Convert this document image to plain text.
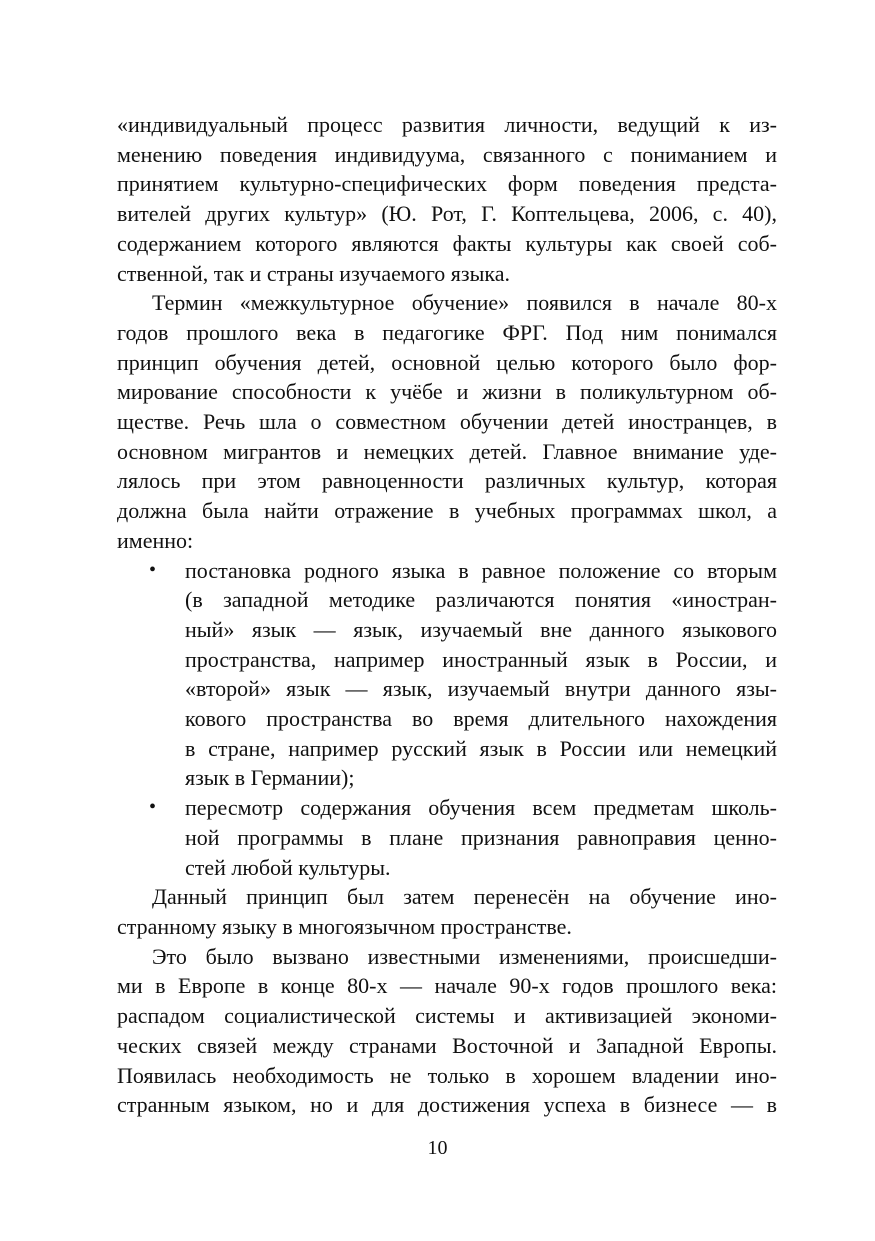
«индивидуальный процесс развития личности, ведущий к из-
менению поведения индивидуума, связанного с пониманием и
принятием культурно-специфических форм поведения предста-
вителей других культур» (Ю. Рот, Г. Коптельцева, 2006, с. 40),
содержанием которого являются факты культуры как своей соб-
ственной, так и страны изучаемого языка.
Термин «межкультурное обучение» появился в начале 80-х
годов прошлого века в педагогике ФРГ. Под ним понимался
принцип обучения детей, основной целью которого было фор-
мирование способности к учёбе и жизни в поликультурном об-
ществе. Речь шла о совместном обучении детей иностранцев, в
основном мигрантов и немецких детей. Главное внимание уде-
лялось при этом равноценности различных культур, которая
должна была найти отражение в учебных программах школ, а
именно:
• постановка родного языка в равное положение со вторым
(в западной методике различаются понятия «иностран-
ный» язык — язык, изучаемый вне данного языкового
пространства, например иностранный язык в России, и
«второй» язык — язык, изучаемый внутри данного язы-
кового пространства во время длительного нахождения
в стране, например русский язык в России или немецкий
язык в Германии);
• пересмотр содержания обучения всем предметам школь-
ной программы в плане признания равноправия ценно-
стей любой культуры.
Данный принцип был затем перенесён на обучение ино-
странному языку в многоязычном пространстве.
Это было вызвано известными изменениями, происшедши-
ми в Европе в конце 80-х — начале 90-х годов прошлого века:
распадом социалистической системы и активизацией экономи-
ческих связей между странами Восточной и Западной Европы.
Появилась необходимость не только в хорошем владении ино-
странным языком, но и для достижения успеха в бизнесе — в
10
